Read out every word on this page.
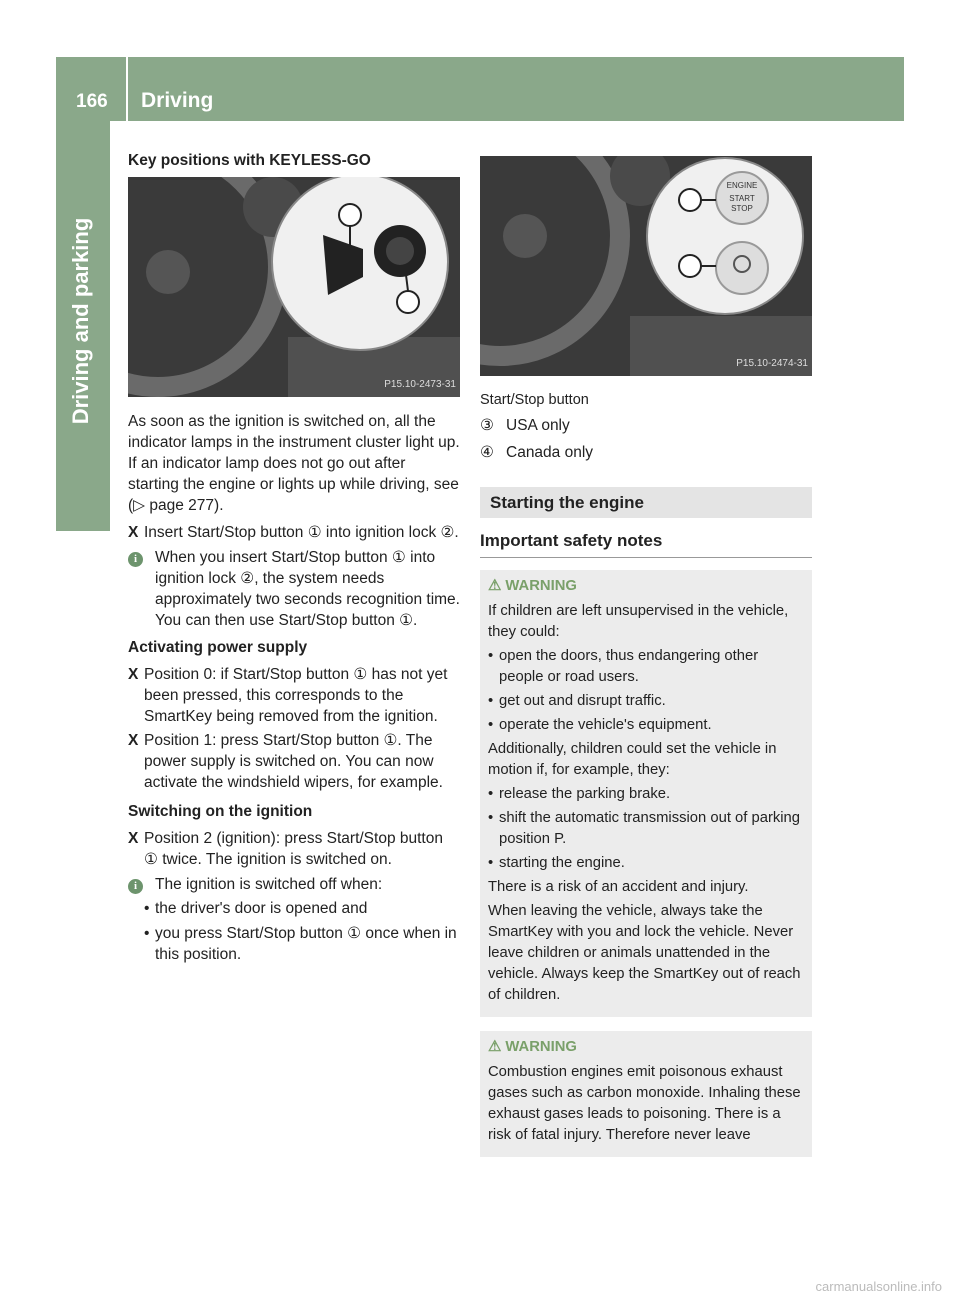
166 Driving
Driving and parking
Key positions with KEYLESS-GO
P15.10-2473-31

As soon as the ignition is switched on, all the indicator lamps in the instrument cluster light up. If an indicator lamp does not go out after starting the engine or lights up while driving, see (▷ page 277).

X Insert Start/Stop button ① into ignition lock ②.
i	When you insert Start/Stop button ① into ignition lock ②, the system needs approximately two seconds recognition time. You can then use Start/Stop button ①.
Activating power supply
X Position 0: if Start/Stop button ① has not yet been pressed, this corresponds to the SmartKey being removed from the ignition.
X Position 1: press Start/Stop button ①. The power supply is switched on. You can now activate the windshield wipers, for example.
Switching on the ignition
X Position 2 (ignition): press Start/Stop button ① twice. The ignition is switched on.
i	The ignition is switched off when:
• the driver's door is opened and
• you press Start/Stop button ① once when in this position.
ENGINE
START
STOP
P15.10-2474-31
Start/Stop button
③ USA only
④ Canada only
Starting the engine
Important safety notes
⚠ WARNING

If children are left unsupervised in the vehicle, they could:

• open the doors, thus endangering other people or road users.
• get out and disrupt traffic.
• operate the vehicle's equipment.

Additionally, children could set the vehicle in motion if, for example, they:

• release the parking brake.
• shift the automatic transmission out of parking position P.
• starting the engine.

There is a risk of an accident and injury.

When leaving the vehicle, always take the SmartKey with you and lock the vehicle. Never leave children or animals unattended in the vehicle. Always keep the SmartKey out of reach of children.

⚠ WARNING

Combustion engines emit poisonous exhaust gases such as carbon monoxide. Inhaling these exhaust gases leads to poisoning. There is a risk of fatal injury. Therefore never leave

carmanualsonline.info
